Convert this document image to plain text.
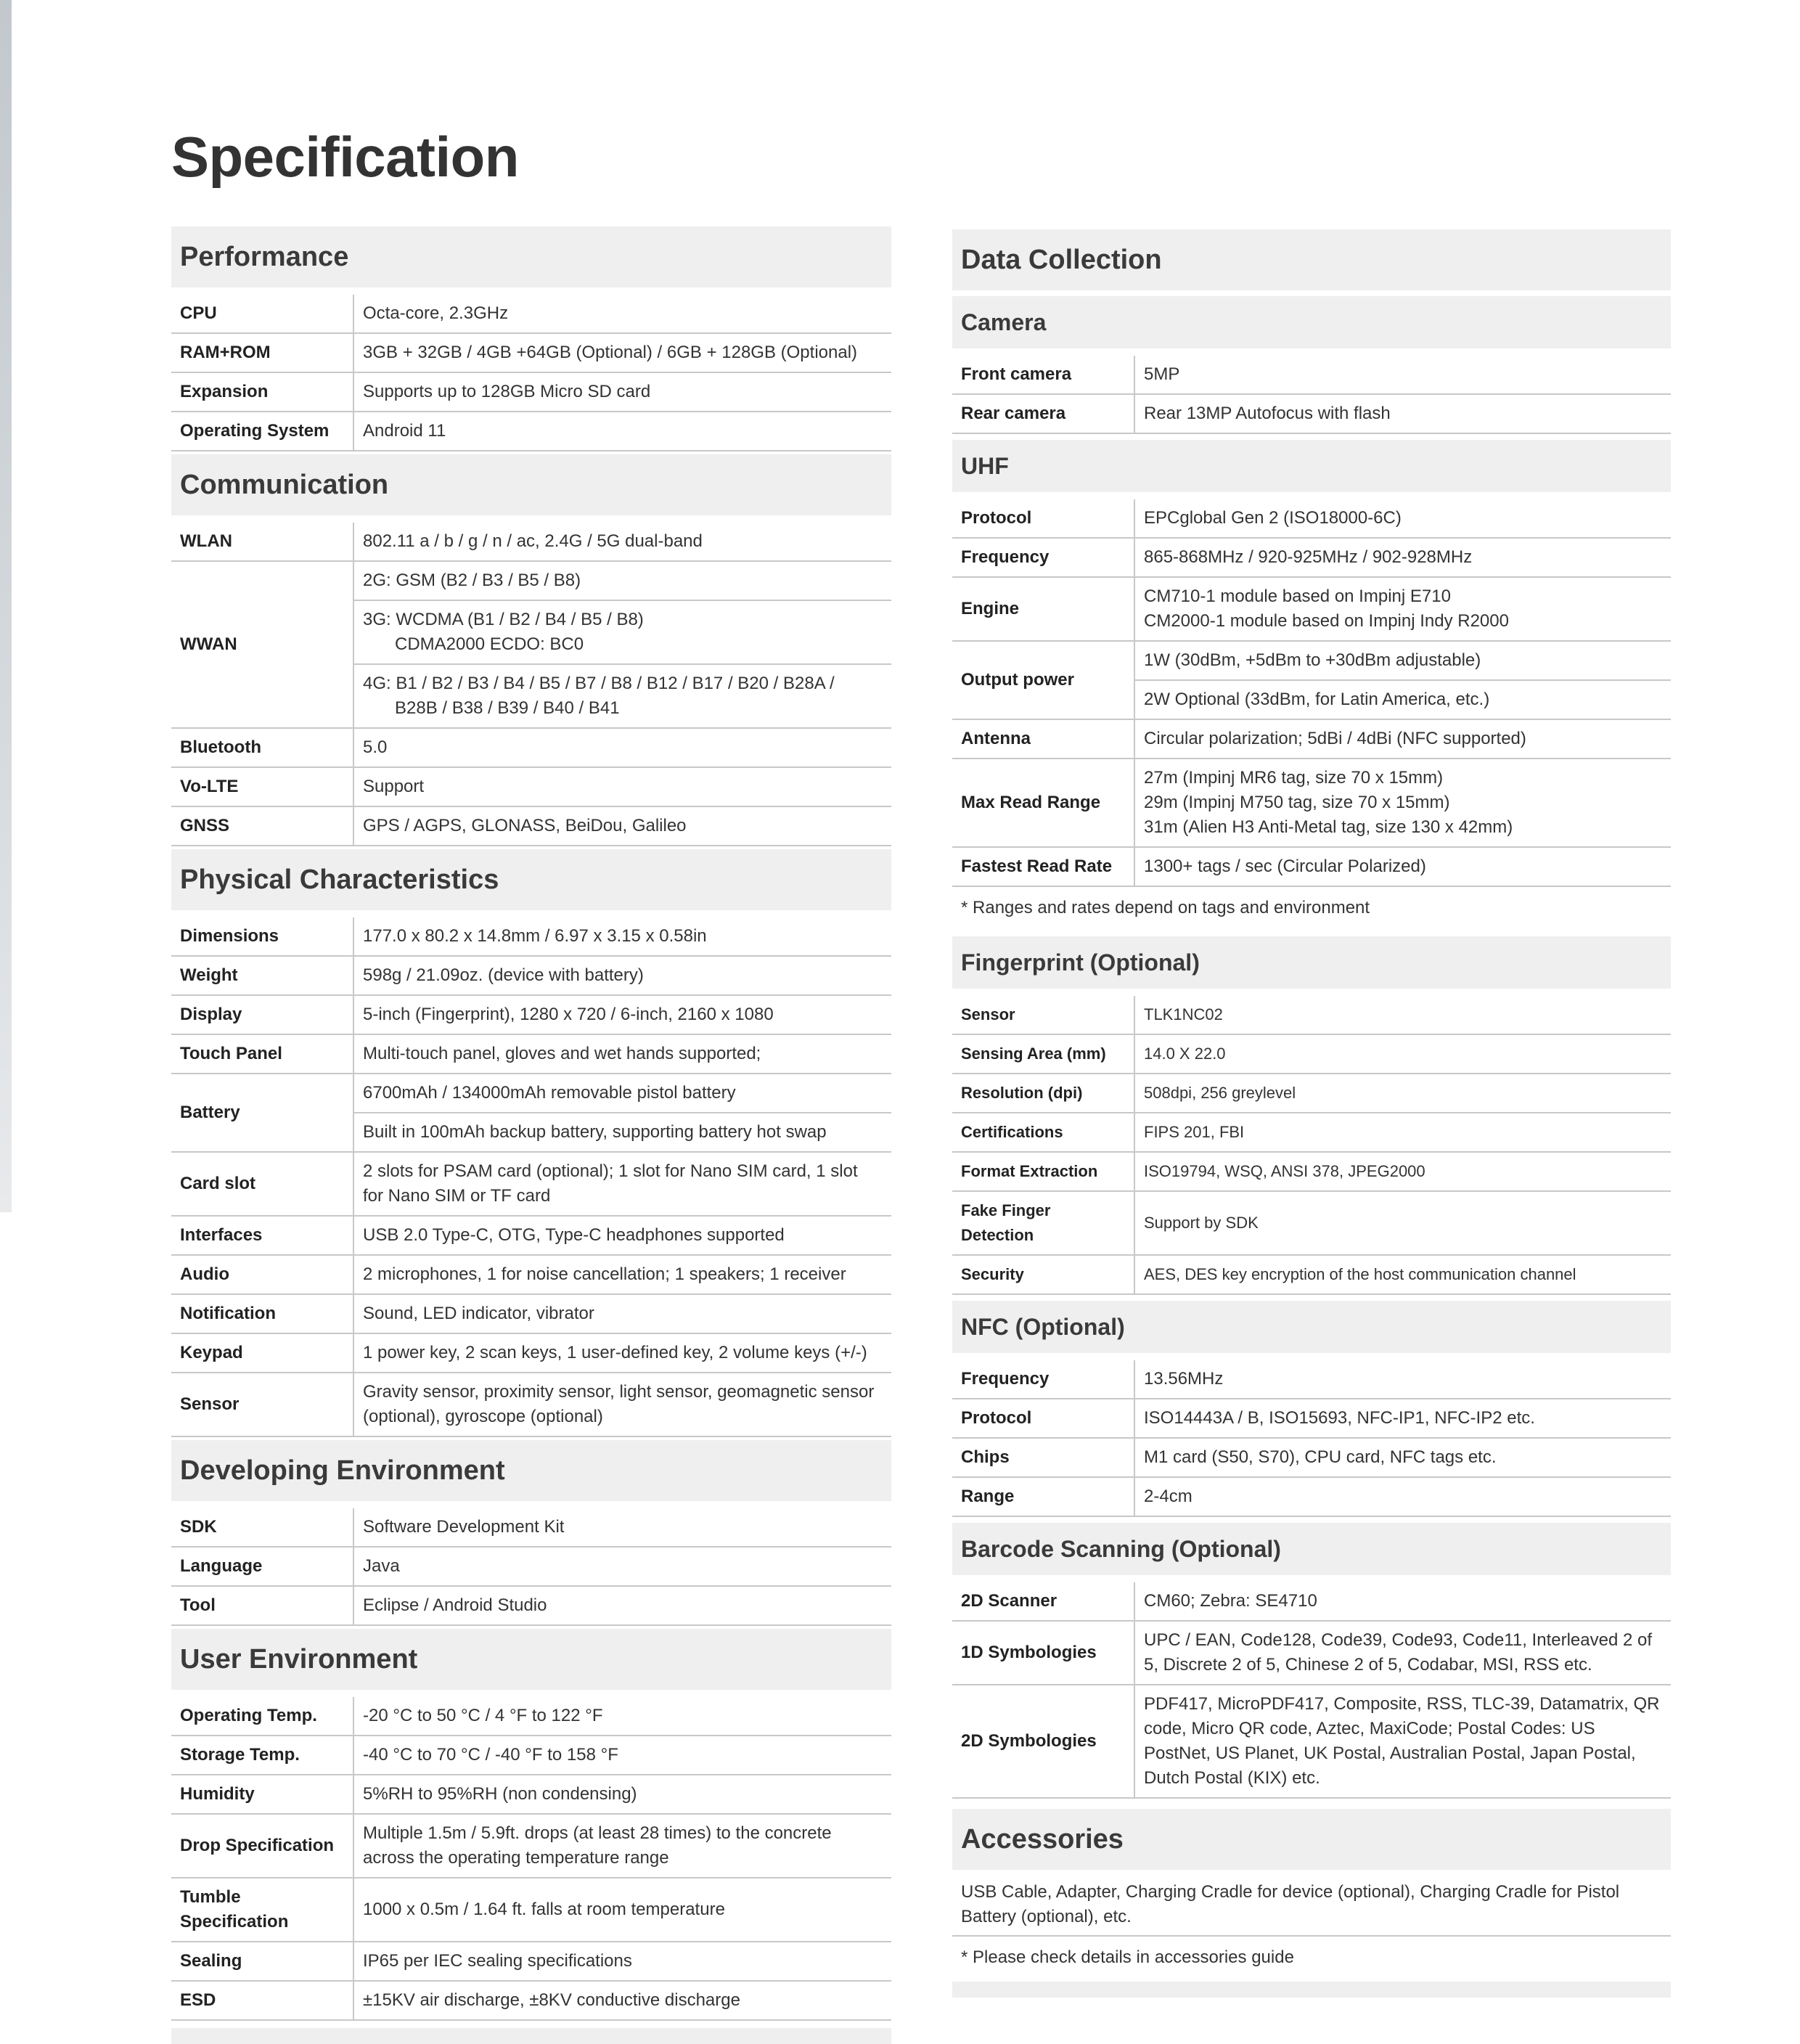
Specification
Performance
CPU	Octa-core, 2.3GHz
RAM+ROM	3GB + 32GB / 4GB +64GB (Optional) / 6GB + 128GB (Optional)
Expansion	Supports up to 128GB Micro SD card
Operating System	Android 11
Communication
WLAN	802.11 a / b / g / n / ac, 2.4G / 5G dual-band
WWAN	2G: GSM (B2 / B3 / B5 / B8)

	3G: WCDMA (B1 / B2 / B4 / B5 / B8)
CDMA2000 ECDO: BC0

	4G: B1 / B2 / B3 / B4 / B5 / B7 / B8 / B12 / B17 / B20 / B28A /
B28B / B38 / B39 / B40 / B41

Bluetooth	5.0
Vo-LTE	Support
GNSS	GPS / AGPS, GLONASS, BeiDou, Galileo
Physical Characteristics
Dimensions	177.0 x 80.2 x 14.8mm / 6.97 x 3.15 x 0.58in
Weight	598g / 21.09oz. (device with battery)
Display	5-inch (Fingerprint), 1280 x 720 / 6-inch, 2160 x 1080
Touch Panel	Multi-touch panel, gloves and wet hands supported;
Battery	6700mAh / 134000mAh removable pistol battery
	Built in 100mAh backup battery, supporting battery hot swap
Card slot	2 slots for PSAM card (optional); 1 slot for Nano SIM card, 1 slot for Nano SIM or TF card
Interfaces	USB 2.0 Type-C, OTG, Type-C headphones supported
Audio	2 microphones, 1 for noise cancellation; 1 speakers; 1 receiver
Notification	Sound, LED indicator, vibrator
Keypad	1 power key, 2 scan keys, 1 user-defined key, 2 volume keys (+/-)
Sensor	Gravity sensor, proximity sensor, light sensor, geomagnetic sensor (optional), gyroscope (optional)
Developing Environment
SDK	Software Development Kit
Language	Java
Tool	Eclipse / Android Studio
User Environment
Operating Temp.	-20 °C to 50 °C / 4 °F to 122 °F
Storage Temp.	-40 °C to 70 °C / -40 °F to 158 °F
Humidity	5%RH to 95%RH (non condensing)
Drop Specification	Multiple 1.5m / 5.9ft. drops (at least 28 times) to the concrete across the operating temperature range
Tumble Specification	1000 x 0.5m / 1.64 ft. falls at room temperature
Sealing	IP65 per IEC sealing specifications
ESD	±15KV air discharge, ±8KV conductive discharge
Data Collection
Camera
Front camera	5MP
Rear camera	Rear 13MP Autofocus with flash
UHF
Protocol	EPCglobal Gen 2 (ISO18000-6C)
Frequency	865-868MHz / 920-925MHz / 902-928MHz
Engine	CM710-1 module based on Impinj E710
CM2000-1 module based on Impinj Indy R2000

Output power	1W (30dBm, +5dBm to +30dBm adjustable)
	2W Optional (33dBm, for Latin America, etc.)
Antenna	Circular polarization; 5dBi / 4dBi (NFC supported)
Max Read Range	27m (Impinj MR6 tag, size 70 x 15mm)
29m (Impinj M750 tag, size 70 x 15mm)
31m (Alien H3 Anti-Metal tag, size 130 x 42mm)

Fastest Read Rate	1300+ tags / sec (Circular Polarized)
* Ranges and rates depend on tags and environment
Fingerprint (Optional)
Sensor	TLK1NC02
Sensing Area (mm)	14.0 X 22.0
Resolution (dpi)	508dpi, 256 greylevel
Certifications	FIPS 201, FBI
Format Extraction	ISO19794, WSQ, ANSI 378, JPEG2000
Fake Finger Detection	Support by SDK
Security	AES, DES key encryption of the host communication channel
NFC (Optional)
Frequency	13.56MHz
Protocol	ISO14443A / B, ISO15693, NFC-IP1, NFC-IP2 etc.
Chips	M1 card (S50, S70), CPU card, NFC tags etc.
Range	2-4cm
Barcode Scanning (Optional)
2D Scanner	CM60; Zebra: SE4710
1D Symbologies	UPC / EAN, Code128, Code39, Code93, Code11, Interleaved 2 of 5, Discrete 2 of 5, Chinese 2 of 5, Codabar, MSI, RSS etc.
2D Symbologies	PDF417, MicroPDF417, Composite, RSS, TLC-39, Datamatrix, QR code, Micro QR code, Aztec, MaxiCode; Postal Codes: US PostNet, US Planet, UK Postal, Australian Postal, Japan Postal, Dutch Postal (KIX) etc.
Accessories
USB Cable, Adapter, Charging Cradle for device (optional), Charging Cradle for Pistol Battery (optional), etc.
* Please check details in accessories guide
